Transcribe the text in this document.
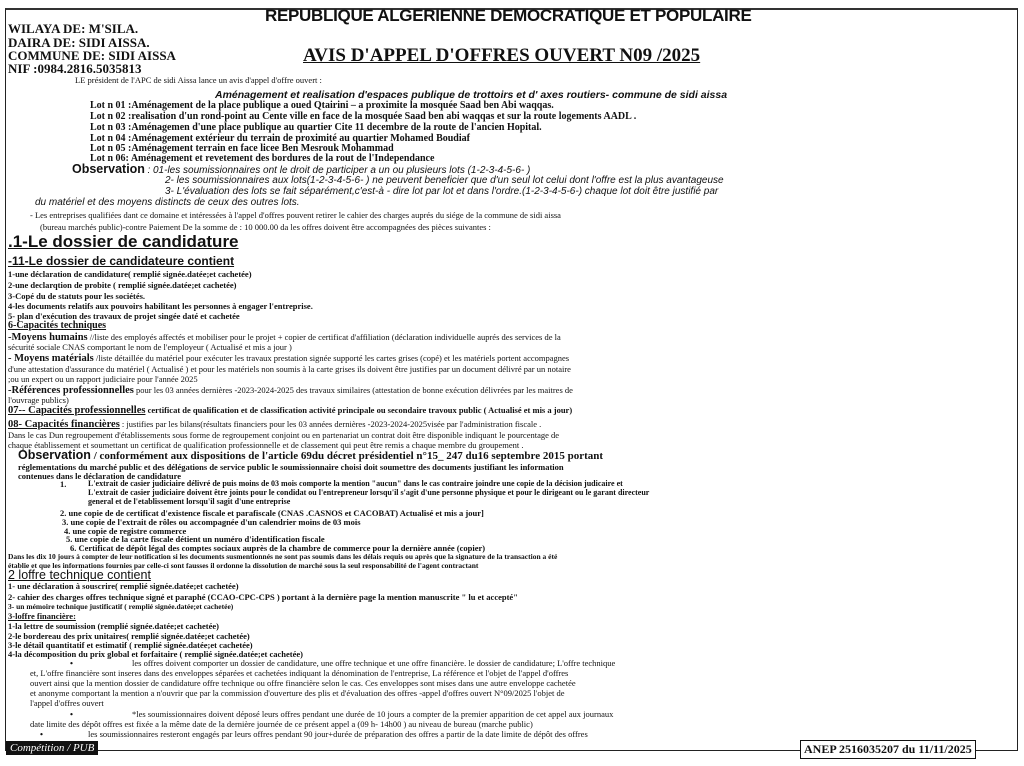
REPUBLIQUE ALGERIENNE DEMOCRATIQUE ET POPULAIRE
WILAYA DE: M'SILA.
DAIRA DE: SIDI AISSA.
COMMUNE DE: SIDI AISSA
NIF :0984.2816.5035813
AVIS D'APPEL D'OFFRES OUVERT N09 /2025
LE président de l'APC de sidi Aissa lance un avis d'appel d'offre ouvert :
Aménagement et realisation d'espaces publique de trottoirs et d' axes routiers- commune de sidi aissa
Lot n 01 :Aménagement de la place publique a oued Qtairini – a proximite la mosquée Saad ben Abi waqqas.
Lot n 02 :realisation d'un rond-point au Cente ville en face de la mosquée Saad ben abi waqqas et sur la route logements AADL .
Lot n 03 :Aménagemen d'une place publique au quartier Cite 11 decembre de la route de l'ancien Hopital.
Lot n 04 :Aménagement extérieur du terrain de proximité au quartier Mohamed Boudiaf
Lot n 05 :Aménagement terrain en face licee Ben Mesrouk Mohammad
Lot n 06: Aménagement et revetement des bordures de la rout de l'Independance
Observation : 01-les soumissionnaires ont le droit de participer a un ou plusieurs lots (1-2-3-4-5-6- )
2- les soumissionnaires aux lots(1-2-3-4-5-6- ) ne peuvent beneficier que d'un seul lot celui dont l'offre est la plus avantageuse
3- L'évaluation des lots se fait séparément,c'est-à - dire lot par lot et dans l'ordre.(1-2-3-4-5-6-) chaque lot doit être justifié par
du matériel et des moyens distincts de ceux des outres lots.
- Les entreprises qualifiées dant ce domaine et intéressées à l'appel d'offres pouvent retirer le cahier des charges auprés du siége de la commune de sidi aissa
(bureau marchés public)-contre Paiement De la somme de : 10 000.00 da les offres doivent être accompagnées des pièces suivantes :
.1-Le dossier de candidature
-11-Le dossier de candidateure contient
1-une déclaration de candidature( remplié signée.datée;et cachetée)
2-une declarqtion de probite ( remplié signée.datée;et cachetée)
3-Copé du de statuts pour les sociétés.
4-les documents relatifs aux pouvoirs habilitant les personnes à engager l'entreprise.
5- plan d'exécution des travaux de projet singée daté et cachetée
6-Capacités techniques
-Moyens humains //liste des employés affectés et mobiliser pour le projet + copier de certificat d'affiliation (déclaration individuelle auprés des services de la
sécurité sociale CNAS comportant le nom de l'employeur ( Actualisé et mis a jour )
- Moyens matérials /liste détaillée du matériel pour exécuter les travaux prestation signée supporté les cartes grises (copé) et les matériels portent accompagnes
d'une attestation d'assurance du matériel ( Actualisé ) et pour les matériels non soumis à la carte grises ils doivent être justifies par un document délivré par un notaire
;ou un expert ou un rapport judiciaire pour l'année 2025
-Références professionnelles pour les 03 années dernières -2023-2024-2025 des travaux similaires (attestation de bonne exécution délivrées par les maitres de
l'ouvrage publics)
07-- Capacités professionnelles certificat de qualification et de classification activité principale ou secondaire travoux public ( Actualisé et mis a jour)
08- Capacités financières : justifies par les bilans(résultats financiers pour les 03 années dernières -2023-2024-2025visée par l'administration fiscale .
Dans le cas Dun regroupement d'établissements sous forme de regroupement conjoint ou en partenariat un contrat doit être disponible indiquant le pourcentage de
chaque établissement et soumettant un certificat de qualification professionnelle et de classement qui peut être remis a chaque membre du groupement .
Observation / conformément aux dispositions de l'article 69du décret présidentiel n°15_ 247 du16 septembre 2015 portant
réglementations du marché public et des délégations de service public le soumissionnaire choisi doit soumettre des documents justifiant les information
contenues dans le déclaration de candidature
1.	L'extrait de casier judiciaire délivré de puis moins de 03 mois comporte la mention "aucun" dans le cas contraire joindre une copie de la décision judicaire et
L'extrait de casier judiciaire doivent être joints pour le condidat ou l'entrepreneur lorsqu'il s'agit d'une personne physique et pour le dirigeant ou le garant directeur
general et de l'etablissement lorsqu'il sagit d'une entreprise
2. une copie de de certificat d'existence fiscale et parafiscale (CNAS .CASNOS et CACOBAT) Actualisé et mis a jour]
3. une copie de l'extrait de rôles ou accompagnée d'un calendrier moins de 03 mois
4. une copie de registre commerce
5. une copie de la carte fiscale détient un numéro d'identification fiscale
6. Certificat de dépôt légal des comptes sociaux auprès de la chambre de commerce pour la dernière année (copier)
Dans les dix 10 jours à compter de leur notification si les documents susmentionnés ne sont pas soumis dans les délais requis ou après que la signature de la transaction a été
établie et que les informations fournies par celle-ci sont fausses il ordonne la dissolution de marché sous la seul responsabilité de l'agent contractant
2 loffre technique contient
1- une déclaration à souscrire( remplié signée.datée;et cachetée)
2- cahier des charges offres technique signé et paraphé (CCAO-CPC-CPS ) portant à la dernière page la mention manuscrite " lu et accepté"
3- un mémoire technique justificatif ( remplié signée.datée;et cachetée)
3-loffre financière:
1-la lettre de soumission (remplié signée.datée;et cachetée)
2-le bordereau des prix unitaires( remplié signée.datée;et cachetée)
3-le détail quantitatif et estimatif ( remplié signée.datée;et cachetée)
4-la décomposition du prix global et forfaitaire ( remplié signée.datée;et cachetée)
•	les offres doivent comporter un dossier de candidature, une offre technique et une offre financière. le dossier de candidature; L'offre technique
et, L'offre financière sont inseres dans des enveloppes séparées et cachetées indiquant la dénomination de l'entreprise, La référence et l'objet de l'appel d'offres
ouvert ainsi que la mention dossier de candidature offre technique ou offre financière selon le cas. Ces enveloppes sont mises dans une autre enveloppe cachetée
et anonyme comportant la mention a n'ouvrir que par la commission d'ouverture des plis et d'évaluation des offres -appel d'offres ouvert N°09/2025 l'objet de
l'appel d'offres ouvert
•	*les soumissionnaires doivent déposé leurs offres pendant une durée de 10 jours a compter de la premier apparition de cet appel aux journaux
date limite des dépôt offres est fixée a la même date de la dernière journée de ce présent appel a (09 h- 14h00 ) au niveau de bureau (marche public)
•	les soumissionnaires resteront engagés par leurs offres pendant 90 jour+durée de préparation des offres a partir de la date limite de dépôt des offres
Compétition / PUB	ANEP 2516035207 du 11/11/2025
